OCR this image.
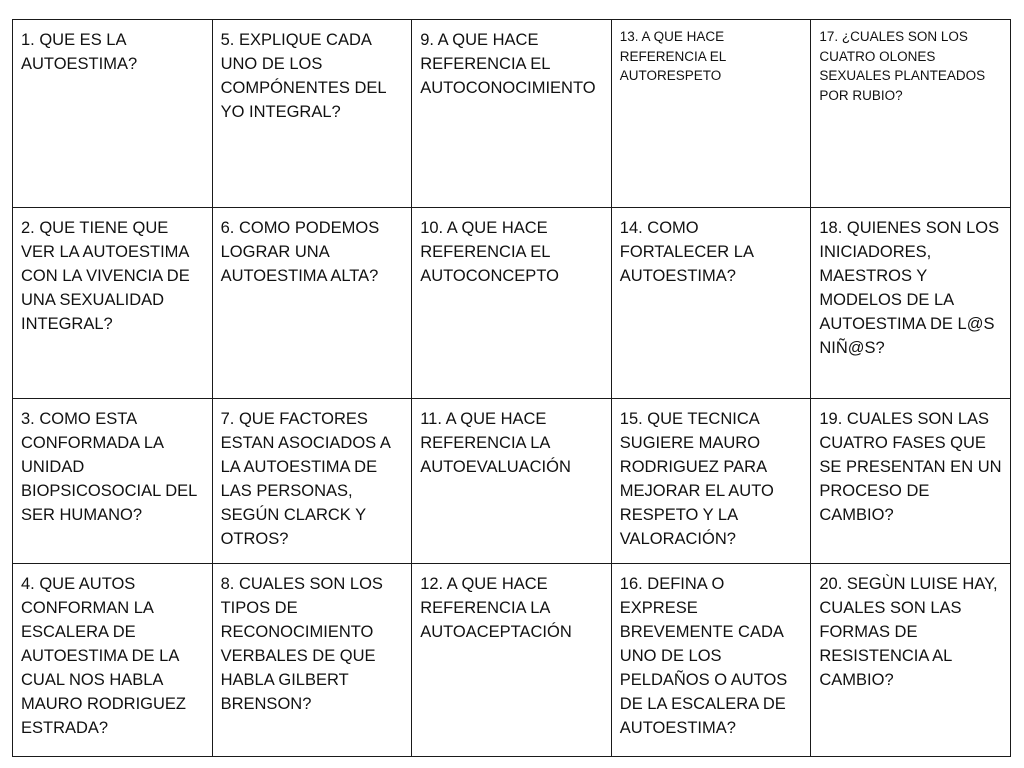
1. QUE ES LA AUTOESTIMA?	5. EXPLIQUE CADA UNO DE LOS COMPÓNENTES DEL YO INTEGRAL?	9. A QUE HACE REFERENCIA EL AUTOCONOCIMIENTO	13. A QUE HACE REFERENCIA EL AUTORESPETO	17. ¿CUALES SON LOS CUATRO OLONES SEXUALES PLANTEADOS POR RUBIO?
2. QUE TIENE QUE VER LA AUTOESTIMA CON LA VIVENCIA DE UNA SEXUALIDAD INTEGRAL?	6. COMO PODEMOS LOGRAR UNA AUTOESTIMA ALTA?	10. A QUE HACE REFERENCIA EL AUTOCONCEPTO	14. COMO FORTALECER LA AUTOESTIMA?	18. QUIENES SON LOS INICIADORES, MAESTROS Y MODELOS DE LA AUTOESTIMA DE L@S NIÑ@S?
3. COMO ESTA CONFORMADA LA UNIDAD BIOPSICOSOCIAL DEL SER HUMANO?	7. QUE FACTORES ESTAN ASOCIADOS A LA AUTOESTIMA DE LAS PERSONAS, SEGÚN CLARCK Y OTROS?	11. A QUE HACE REFERENCIA LA AUTOEVALUACIÓN	15. QUE TECNICA SUGIERE MAURO RODRIGUEZ PARA MEJORAR EL AUTO RESPETO Y LA VALORACIÓN?	19. CUALES SON LAS CUATRO FASES QUE SE PRESENTAN EN UN PROCESO DE CAMBIO?
4. QUE AUTOS CONFORMAN LA ESCALERA DE AUTOESTIMA DE LA CUAL NOS HABLA MAURO RODRIGUEZ ESTRADA?	8. CUALES SON LOS TIPOS DE RECONOCIMIENTO VERBALES DE QUE HABLA GILBERT BRENSON?	12. A QUE HACE REFERENCIA LA AUTOACEPTACIÓN	16. DEFINA O EXPRESE BREVEMENTE CADA UNO DE LOS PELDAÑOS O AUTOS DE LA ESCALERA DE AUTOESTIMA?	20. SEGÙN LUISE HAY, CUALES SON LAS FORMAS DE RESISTENCIA AL CAMBIO?
